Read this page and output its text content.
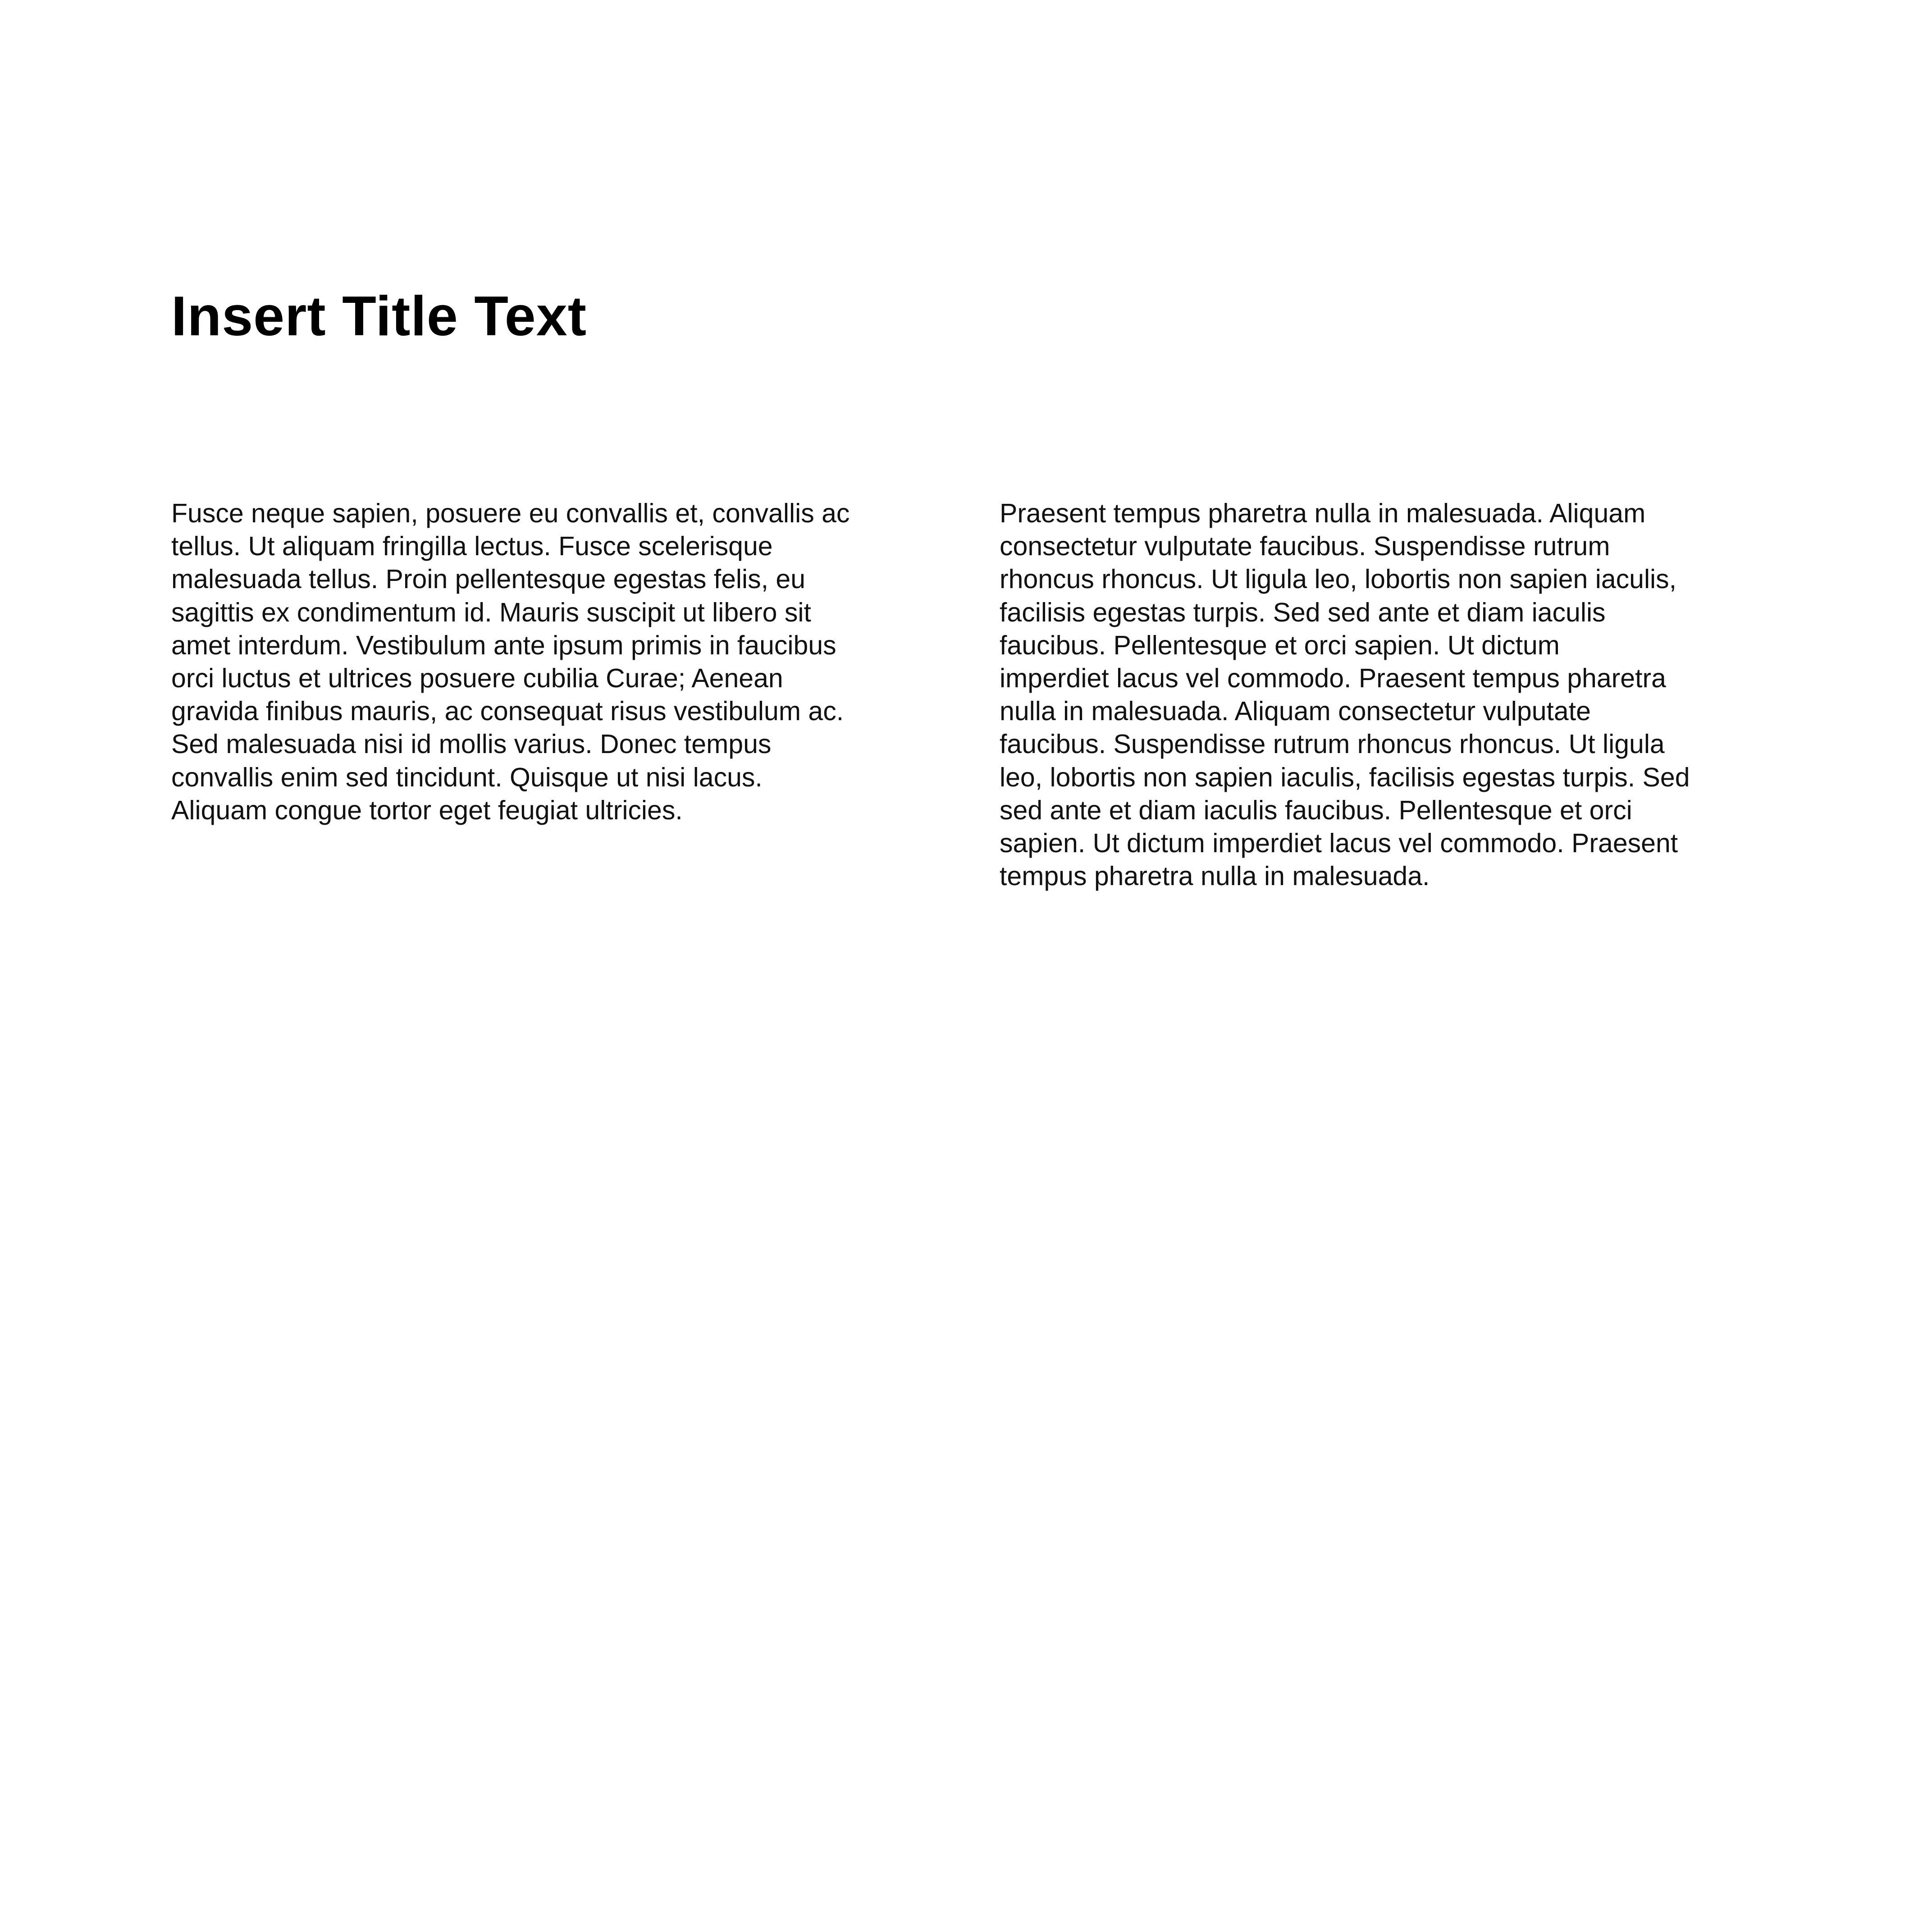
Insert Title Text
Fusce neque sapien, posuere eu convallis et, convallis ac
tellus. Ut aliquam fringilla lectus. Fusce scelerisque
malesuada tellus. Proin pellentesque egestas felis, eu
sagittis ex condimentum id. Mauris suscipit ut libero sit
amet interdum. Vestibulum ante ipsum primis in faucibus
orci luctus et ultrices posuere cubilia Curae; Aenean
gravida finibus mauris, ac consequat risus vestibulum ac.
Sed malesuada nisi id mollis varius. Donec tempus
convallis enim sed tincidunt. Quisque ut nisi lacus.
Aliquam congue tortor eget feugiat ultricies.
Praesent tempus pharetra nulla in malesuada. Aliquam
consectetur vulputate faucibus. Suspendisse rutrum
rhoncus rhoncus. Ut ligula leo, lobortis non sapien iaculis,
facilisis egestas turpis. Sed sed ante et diam iaculis
faucibus. Pellentesque et orci sapien. Ut dictum
imperdiet lacus vel commodo. Praesent tempus pharetra
nulla in malesuada. Aliquam consectetur vulputate
faucibus. Suspendisse rutrum rhoncus rhoncus. Ut ligula
leo, lobortis non sapien iaculis, facilisis egestas turpis. Sed
sed ante et diam iaculis faucibus. Pellentesque et orci
sapien. Ut dictum imperdiet lacus vel commodo. Praesent
tempus pharetra nulla in malesuada.
